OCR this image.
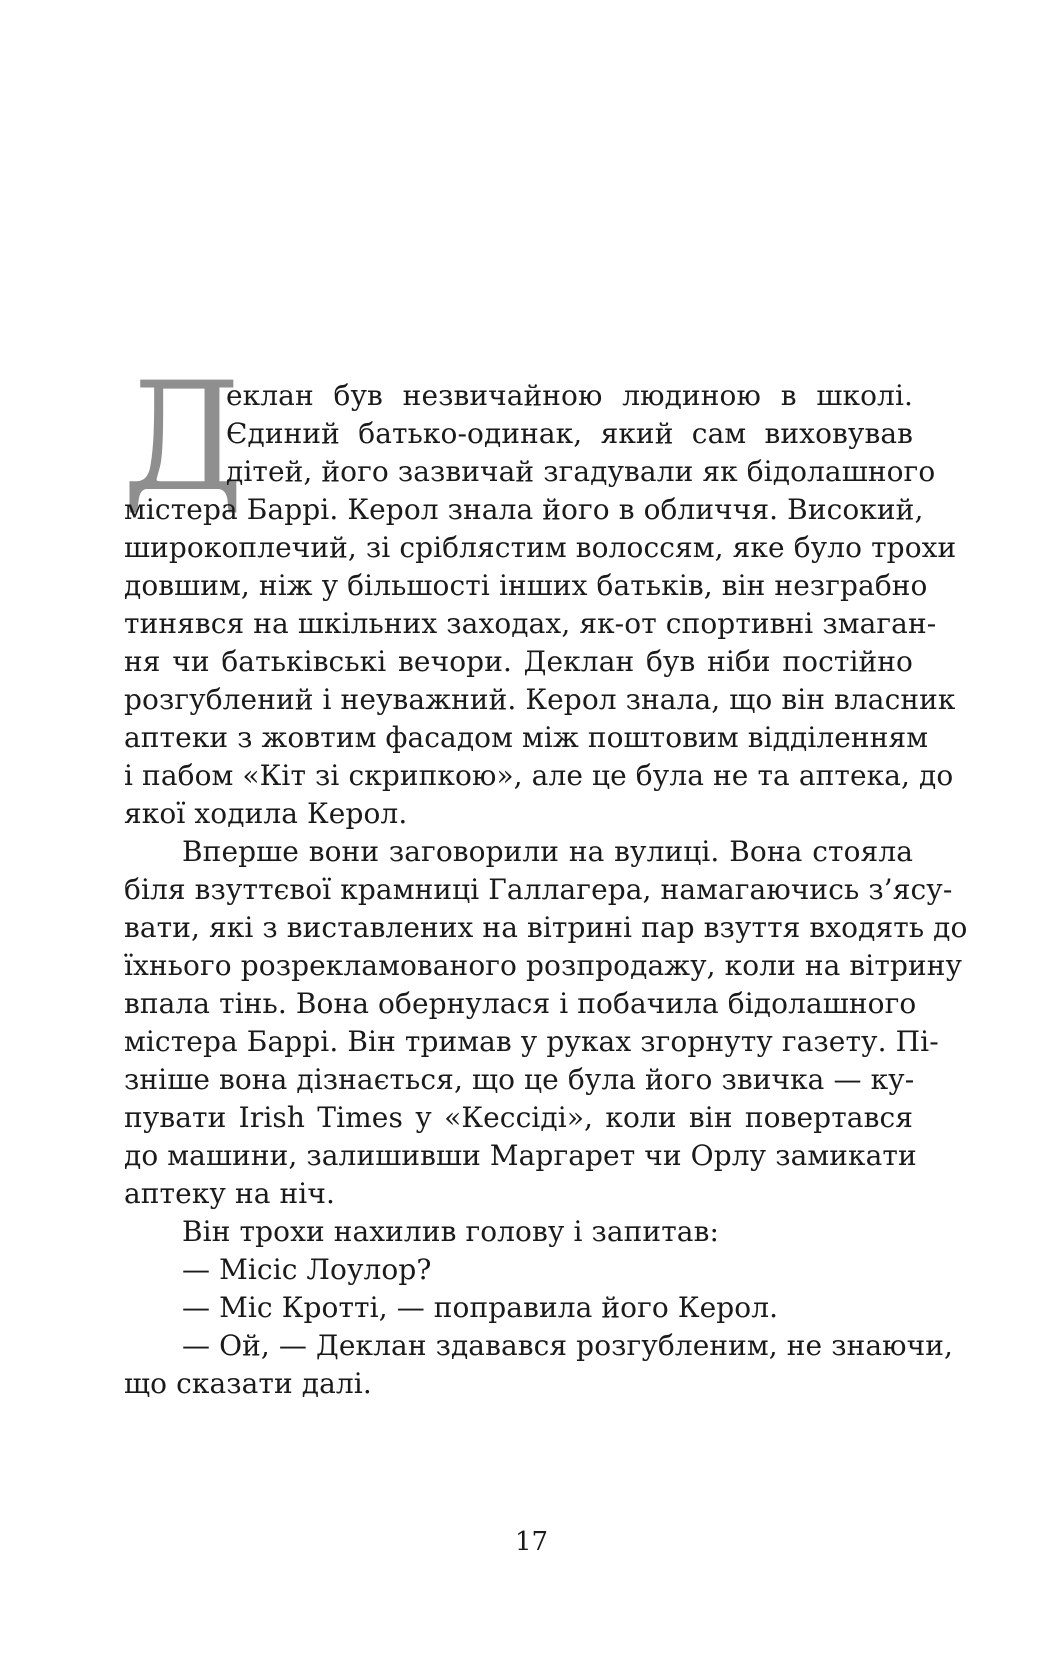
Д
еклан був незвичайною людиною в школі.
Єдиний батько-одинак, який сам виховував
дітей, його зазвичай згадували як бідолашного
містера Баррі. Керол знала його в обличчя. Високий,
широкоплечий, зі сріблястим волоссям, яке було трохи
довшим, ніж у більшості інших батьків, він незграбно
тинявся на шкільних заходах, як-от спортивні змаган-
ня чи батьківські вечори. Деклан був ніби постійно
розгублений і неуважний. Керол знала, що він власник
аптеки з жовтим фасадом між поштовим відділенням
і пабом «Кіт зі скрипкою», але це була не та аптека, до
якої ходила Керол.
Вперше вони заговорили на вулиці. Вона стояла
біля взуттєвої крамниці Галлагера, намагаючись з’ясу-
вати, які з виставлених на вітрині пар взуття входять до
їхнього розрекламованого розпродажу, коли на вітрину
впала тінь. Вона обернулася і побачила бідолашного
містера Баррі. Він тримав у руках згорнуту газету. Пі-
зніше вона дізнається, що це була його звичка — ку-
пувати Irish Times у «Кессіді», коли він повертався
до машини, залишивши Маргарет чи Орлу замикати
аптеку на ніч.
Він трохи нахилив голову і запитав:
— Місіс Лоулор?
— Міс Кротті, — поправила його Керол.
— Ой, — Деклан здавався розгубленим, не знаючи,
що сказати далі.
17
